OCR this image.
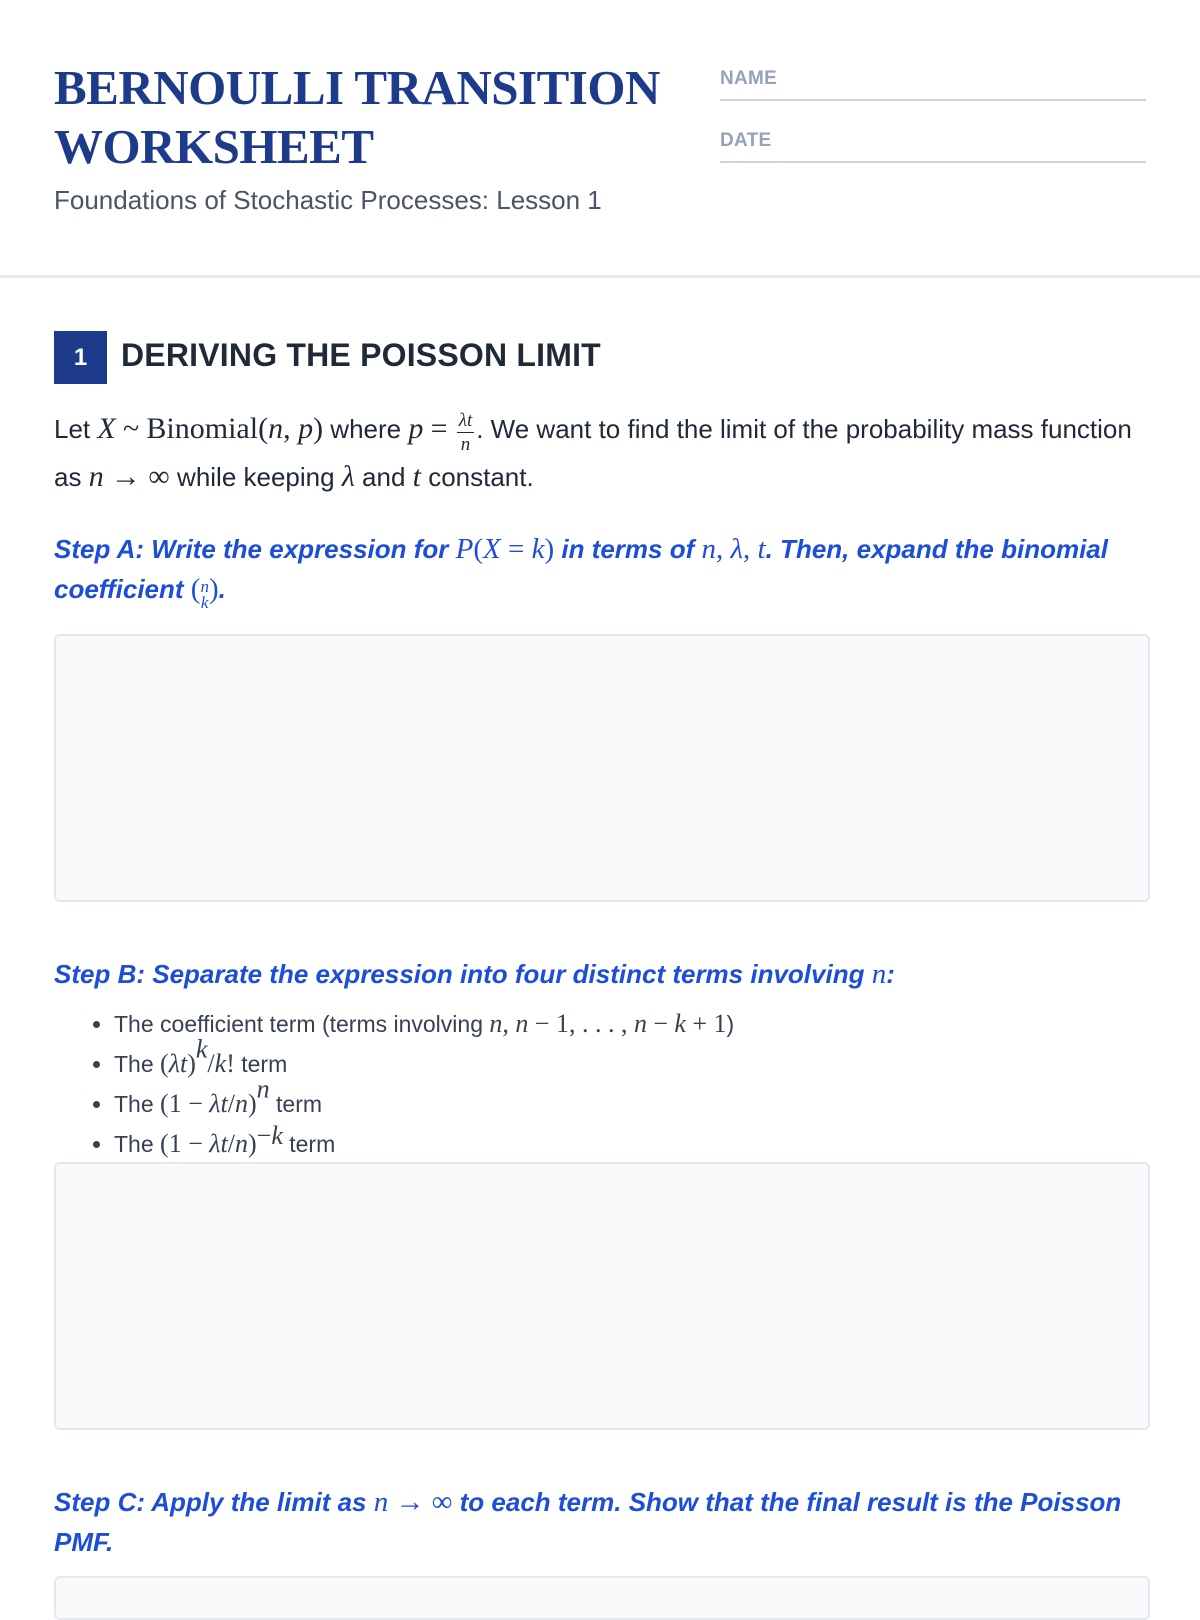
BERNOULLI TRANSITION
WORKSHEET
Foundations of Stochastic Processes: Lesson 1
NAME
DATE
1	DERIVING THE POISSON LIMIT

Let X ~ Binomial(n, p) where $p = \frac{\lambda t}{n}$ . We want to find the limit of the probability mass function as n → ∞ while keeping λ and t constant.

Step A: Write the expression for P(X = k) in terms of n, λ, t. Then, expand the binomial coefficient (n
k).

Step B: Separate the expression into four distinct terms involving n:

• The coefficient term (terms involving n, n − 1, . . . , n − k + 1)
• The $(\lambda t)^k/k$! term
• The $(1 - \lambda t/n)^n$ term
• The $(1 - \lambda t/n)^{-k}$ term

Step C: Apply the limit as n → ∞ to each term. Show that the final result is the Poisson PMF.
